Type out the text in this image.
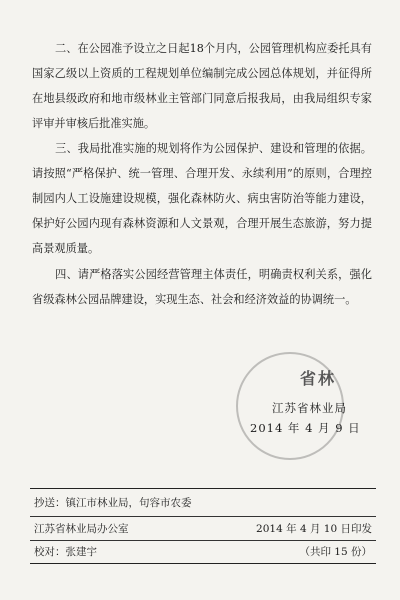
二、在公园准予设立之日起18个月内，公园管理机构应委托具有国家乙级以上资质的工程规划单位编制完成公园总体规划，并征得所在地县级政府和地市级林业主管部门同意后报我局，由我局组织专家评审并审核后批准实施。

三、我局批准实施的规划将作为公园保护、建设和管理的依据。请按照“严格保护、统一管理、合理开发、永续利用”的原则，合理控制园内人工设施建设规模，强化森林防火、病虫害防治等能力建设，保护好公园内现有森林资源和人文景观，合理开展生态旅游，努力提高景观质量。

四、请严格落实公园经营管理主体责任，明确责权利关系，强化省级森林公园品牌建设，实现生态、社会和经济效益的协调统一。

省林
江苏省林业局
2014 年 4 月 9 日
抄送：镇江市林业局，句容市农委
江苏省林业局办公室	2014 年 4 月 10 日印发
校对：张建宇	（共印 15 份）
